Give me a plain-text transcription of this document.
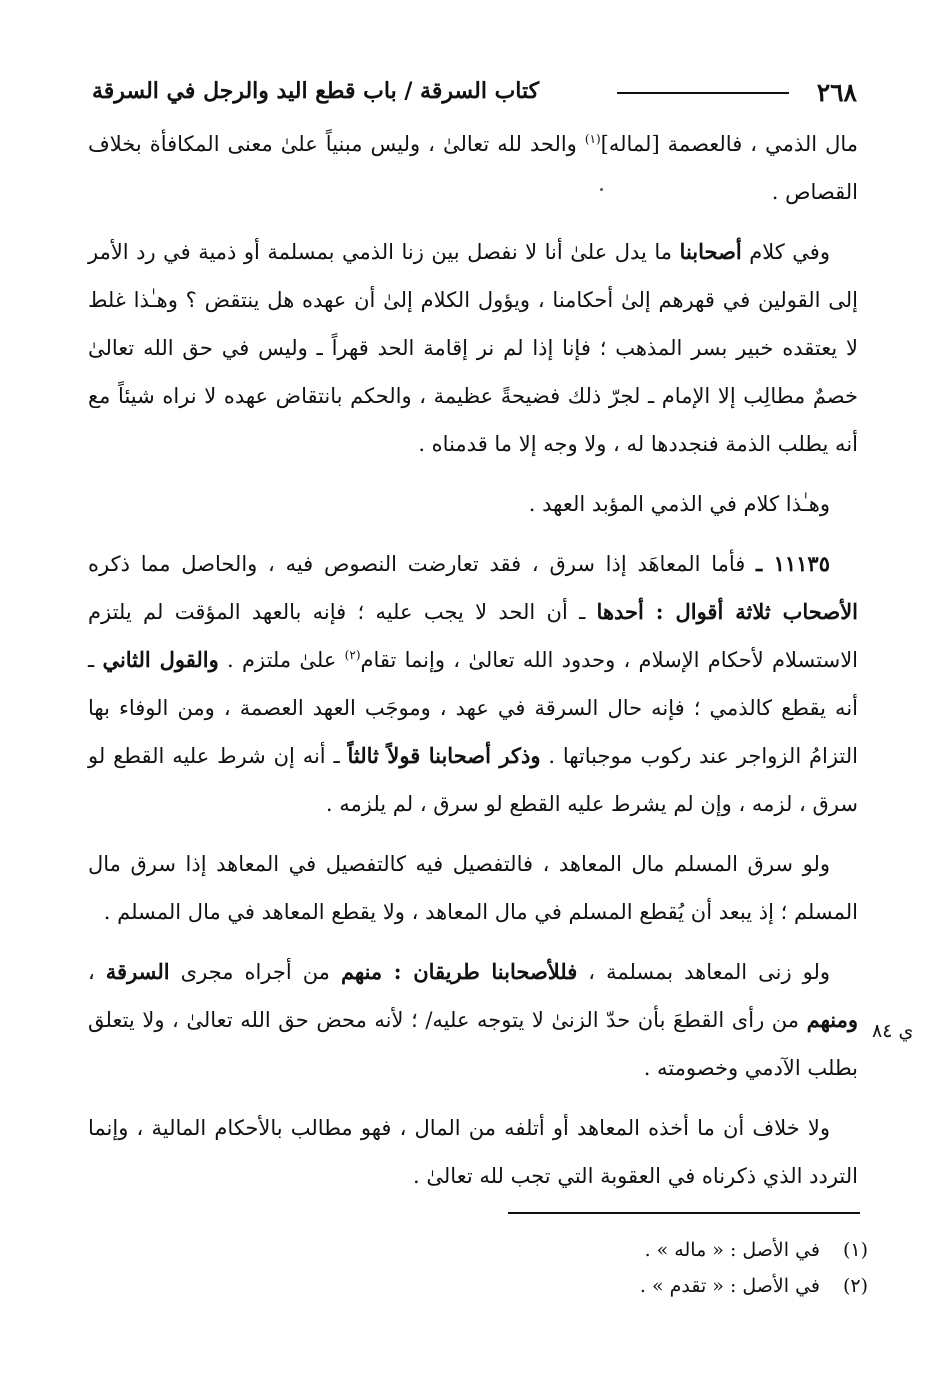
٢٦٨
كتاب السرقة / باب قطع اليد والرجل في السرقة

مال الذمي ، فالعصمة [لماله]$^{(١)}$ والحد لله تعالىٰ ، وليس مبنياً علىٰ معنى المكافأة بخلاف القصاص .

وفي كلام أصحابنا ما يدل علىٰ أنا لا نفصل بين زنا الذمي بمسلمة أو ذمية في رد الأمر إلى القولين في قهرهم إلىٰ أحكامنا ، ويؤول الكلام إلىٰ أن عهده هل ينتقض ؟ وهـٰذا غلط لا يعتقده خبير بسر المذهب ؛ فإنا إذا لم نر إقامة الحد قهراً ـ وليس في حق الله تعالىٰ خصمٌ مطالِب إلا الإمام ـ لجرّ ذلك فضيحةً عظيمة ، والحكم بانتقاض عهده لا نراه شيئاً مع أنه يطلب الذمة فنجددها له ، ولا وجه إلا ما قدمناه .

وهـٰذا كلام في الذمي المؤبد العهد .

١١١٣٥ ـ فأما المعاهَد إذا سرق ، فقد تعارضت النصوص فيه ، والحاصل مما ذكره الأصحاب ثلاثة أقوال : أحدها ـ أن الحد لا يجب عليه ؛ فإنه بالعهد المؤقت لم يلتزم الاستسلام لأحكام الإسلام ، وحدود الله تعالىٰ ، وإنما تقام$^{(٢)}$ علىٰ ملتزم . والقول الثاني ـ أنه يقطع كالذمي ؛ فإنه حال السرقة في عهد ، وموجَب العهد العصمة ، ومن الوفاء بها التزامُ الزواجر عند ركوب موجباتها . وذكر أصحابنا قولاً ثالثاً ـ أنه إن شرط عليه القطع لو سرق ، لزمه ، وإن لم يشرط عليه القطع لو سرق ، لم يلزمه .

ولو سرق المسلم مال المعاهد ، فالتفصيل فيه كالتفصيل في المعاهد إذا سرق مال المسلم ؛ إذ يبعد أن يُقطع المسلم في مال المعاهد ، ولا يقطع المعاهد في مال المسلم .

ولو زنى المعاهد بمسلمة ، فللأصحابنا طريقان : منهم من أجراه مجرى السرقة ، ومنهم من رأى القطعَ بأن حدّ الزنىٰ لا يتوجه عليه/ ؛ لأنه محض حق الله تعالىٰ ، ولا يتعلق بطلب الآدمي وخصومته .

ولا خلاف أن ما أخذه المعاهد أو أتلفه من المال ، فهو مطالب بالأحكام المالية ، وإنما التردد الذي ذكرناه في العقوبة التي تجب لله تعالىٰ .

ي ٨٤

(١)في الأصل : « ماله » .

(٢)في الأصل : « تقدم » .
